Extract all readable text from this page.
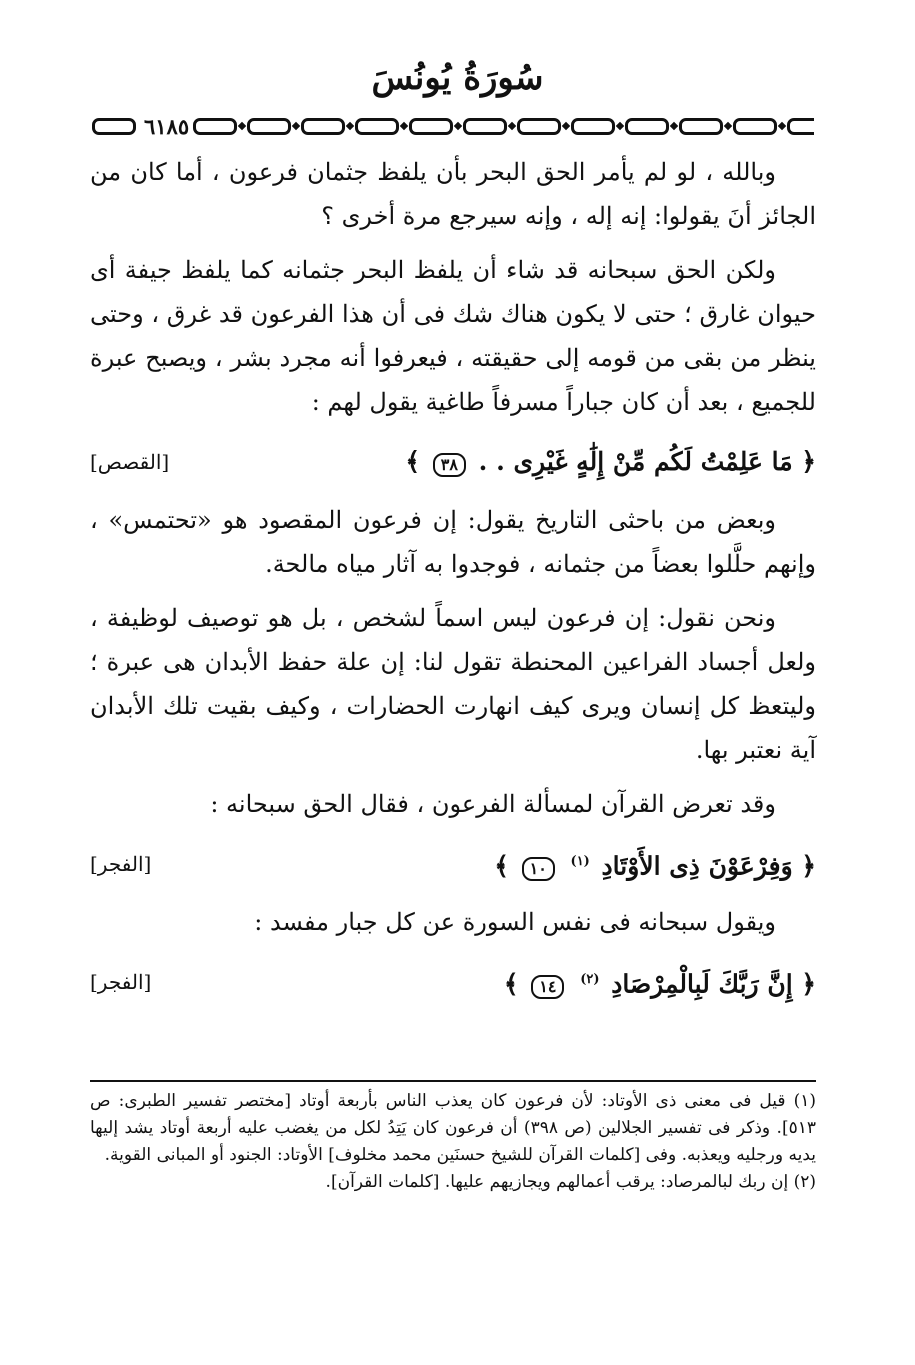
سُورَةُ يُونُسَ
٦١٨٥

وبالله ، لو لم يأمر الحق البحر بأن يلفظ جثمان فرعون ، أما كان من الجائز أنَ يقولوا: إنه إله ، وإنه سيرجع مرة أخرى ؟

ولكن الحق سبحانه قد شاء أن يلفظ البحر جثمانه كما يلفظ جيفة أى حيوان غارق ؛ حتى لا يكون هناك شك فى أن هذا الفرعون قد غرق ، وحتى ينظر من بقى من قومه إلى حقيقته ، فيعرفوا أنه مجرد بشر ، ويصبح عبرة للجميع ، بعد أن كان جباراً مسرفاً طاغية يقول لهم :

﴿ مَا عَلِمْتُ لَكُم مِّنْ إِلَٰهٍ غَيْرِى . . ٣٨ ﴾
[القصص]

وبعض من باحثى التاريخ يقول: إن فرعون المقصود هو «تحتمس» ، وإنهم حلَّلوا بعضاً من جثمانه ، فوجدوا به آثار مياه مالحة.

ونحن نقول: إن فرعون ليس اسماً لشخص ، بل هو توصيف لوظيفة ، ولعل أجساد الفراعين المحنطة تقول لنا: إن علة حفظ الأبدان هى عبرة ؛ وليتعظ كل إنسان ويرى كيف انهارت الحضارات ، وكيف بقيت تلك الأبدان آية نعتبر بها.

وقد تعرض القرآن لمسألة الفرعون ، فقال الحق سبحانه :

﴿ وَفِرْعَوْنَ ذِى الأَوْتَادِ $^{(١)}$ ١٠ ﴾
[الفجر]

ويقول سبحانه فى نفس السورة عن كل جبار مفسد :

﴿ إِنَّ رَبَّكَ لَبِالْمِرْصَادِ $^{(٢)}$ ١٤ ﴾
[الفجر]

(١) قيل فى معنى ذى الأوتاد: لأن فرعون كان يعذب الناس بأربعة أوتاد [مختصر تفسير الطبرى: ص ٥١٣]. وذكر فى تفسير الجلالين (ص ٣٩٨) أن فرعون كان يَتِدُ لكل من يغضب عليه أربعة أوتاد يشد إليها يديه ورجليه ويعذبه. وفى [كلمات القرآن للشيخ حسنَين محمد مخلوف] الأوتاد: الجنود أو المبانى القوية.

(٢) إن ربك لبالمرصاد: يرقب أعمالهم ويجازيهم عليها. [كلمات القرآن].
